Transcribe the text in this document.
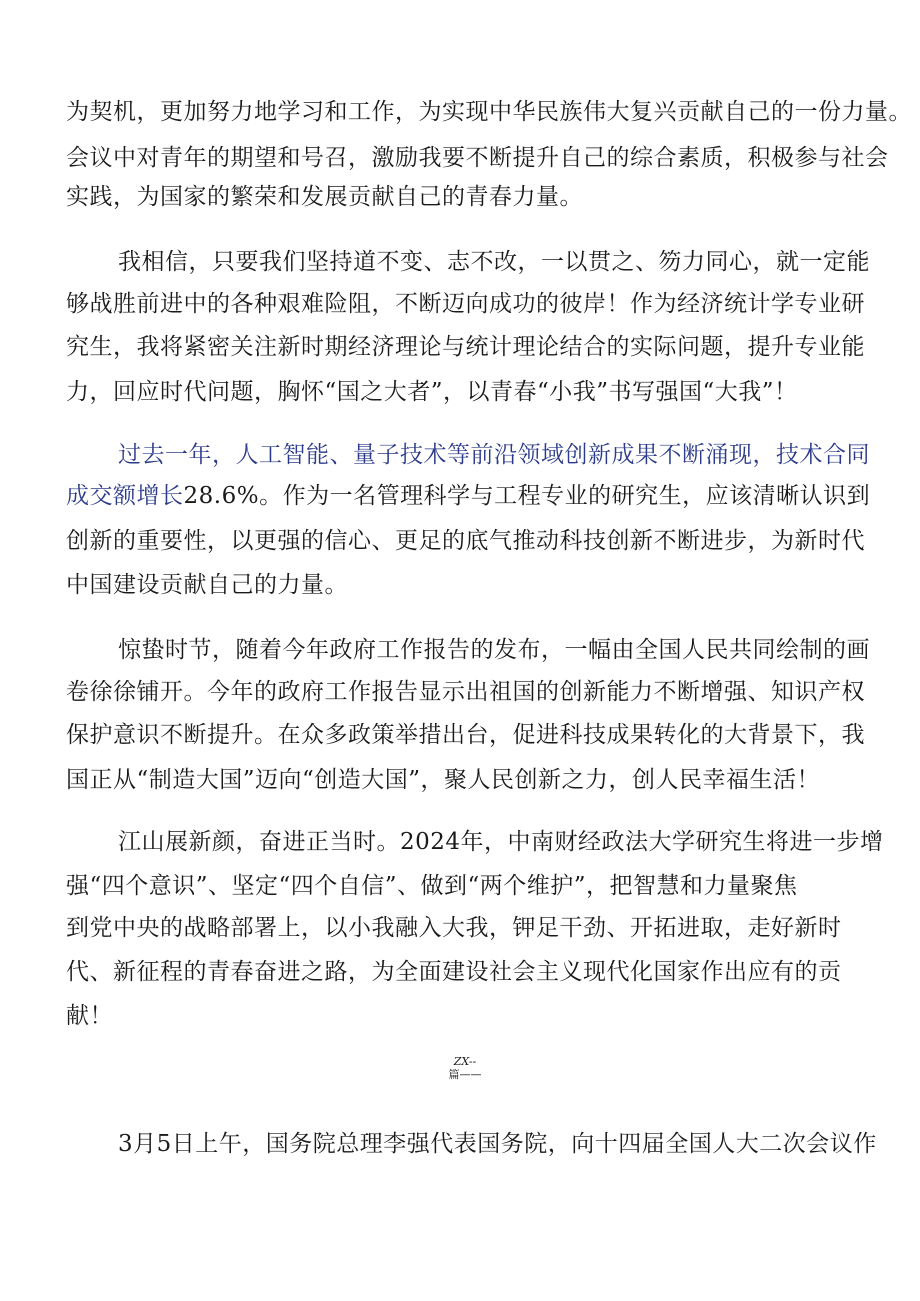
为契机，更加努力地学习和工作，为实现中华民族伟大复兴贡献自己的一份力量。
会议中对青年的期望和号召，激励我要不断提升自己的综合素质，积极参与社会
实践，为国家的繁荣和发展贡献自己的青春力量。
我相信，只要我们坚持道不变、志不改，一以贯之、笏力同心，就一定能
够战胜前进中的各种艰难险阻，不断迈向成功的彼岸！作为经济统计学专业研
究生，我将紧密关注新时期经济理论与统计理论结合的实际问题，提升专业能
力，回应时代问题，胸怀“国之大者”，以青春“小我”书写强国“大我”！
过去一年，人工智能、量子技术等前沿领域创新成果不断涌现，技术合同
成交额增长28.6%。作为一名管理科学与工程专业的研究生，应该清晰认识到
创新的重要性，以更强的信心、更足的底气推动科技创新不断进步，为新时代
中国建设贡献自己的力量。
惊蛰时节，随着今年政府工作报告的发布，一幅由全国人民共同绘制的画
卷徐徐铺开。今年的政府工作报告显示出祖国的创新能力不断增强、知识产权
保护意识不断提升。在众多政策举措出台，促进科技成果转化的大背景下，我
国正从“制造大国”迈向“创造大国”，聚人民创新之力，创人民幸福生活！
江山展新颜，奋进正当时。2024年，中南财经政法大学研究生将进一步增
强“四个意识”、坚定“四个自信”、做到“两个维护”，把智慧和力量聚焦
到党中央的战略部署上，以小我融入大我，钾足干劲、开拓进取，走好新时
代、新征程的青春奋进之路，为全面建设社会主义现代化国家作出应有的贡
献！
ZX--
篇——
3月5日上午，国务院总理李强代表国务院，向十四届全国人大二次会议作
